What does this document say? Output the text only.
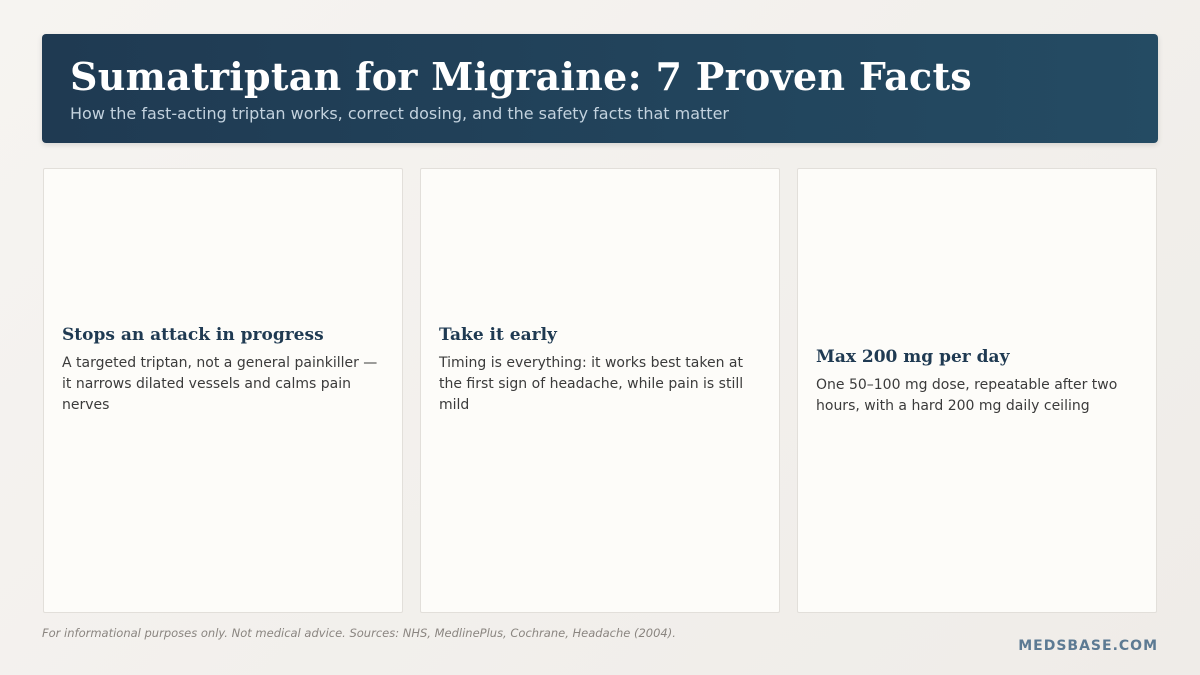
Sumatriptan for Migraine: 7 Proven Facts

How the fast-acting triptan works, correct dosing, and the safety facts that matter

Stops an attack in progress

A targeted triptan, not a general painkiller — it narrows dilated vessels and calms pain nerves

Take it early

Timing is everything: it works best taken at the first sign of headache, while pain is still mild

Max 200 mg per day

One 50–100 mg dose, repeatable after two hours, with a hard 200 mg daily ceiling

For informational purposes only. Not medical advice. Sources: NHS, MedlinePlus, Cochrane, Headache (2004).
MEDSBASE.COM
